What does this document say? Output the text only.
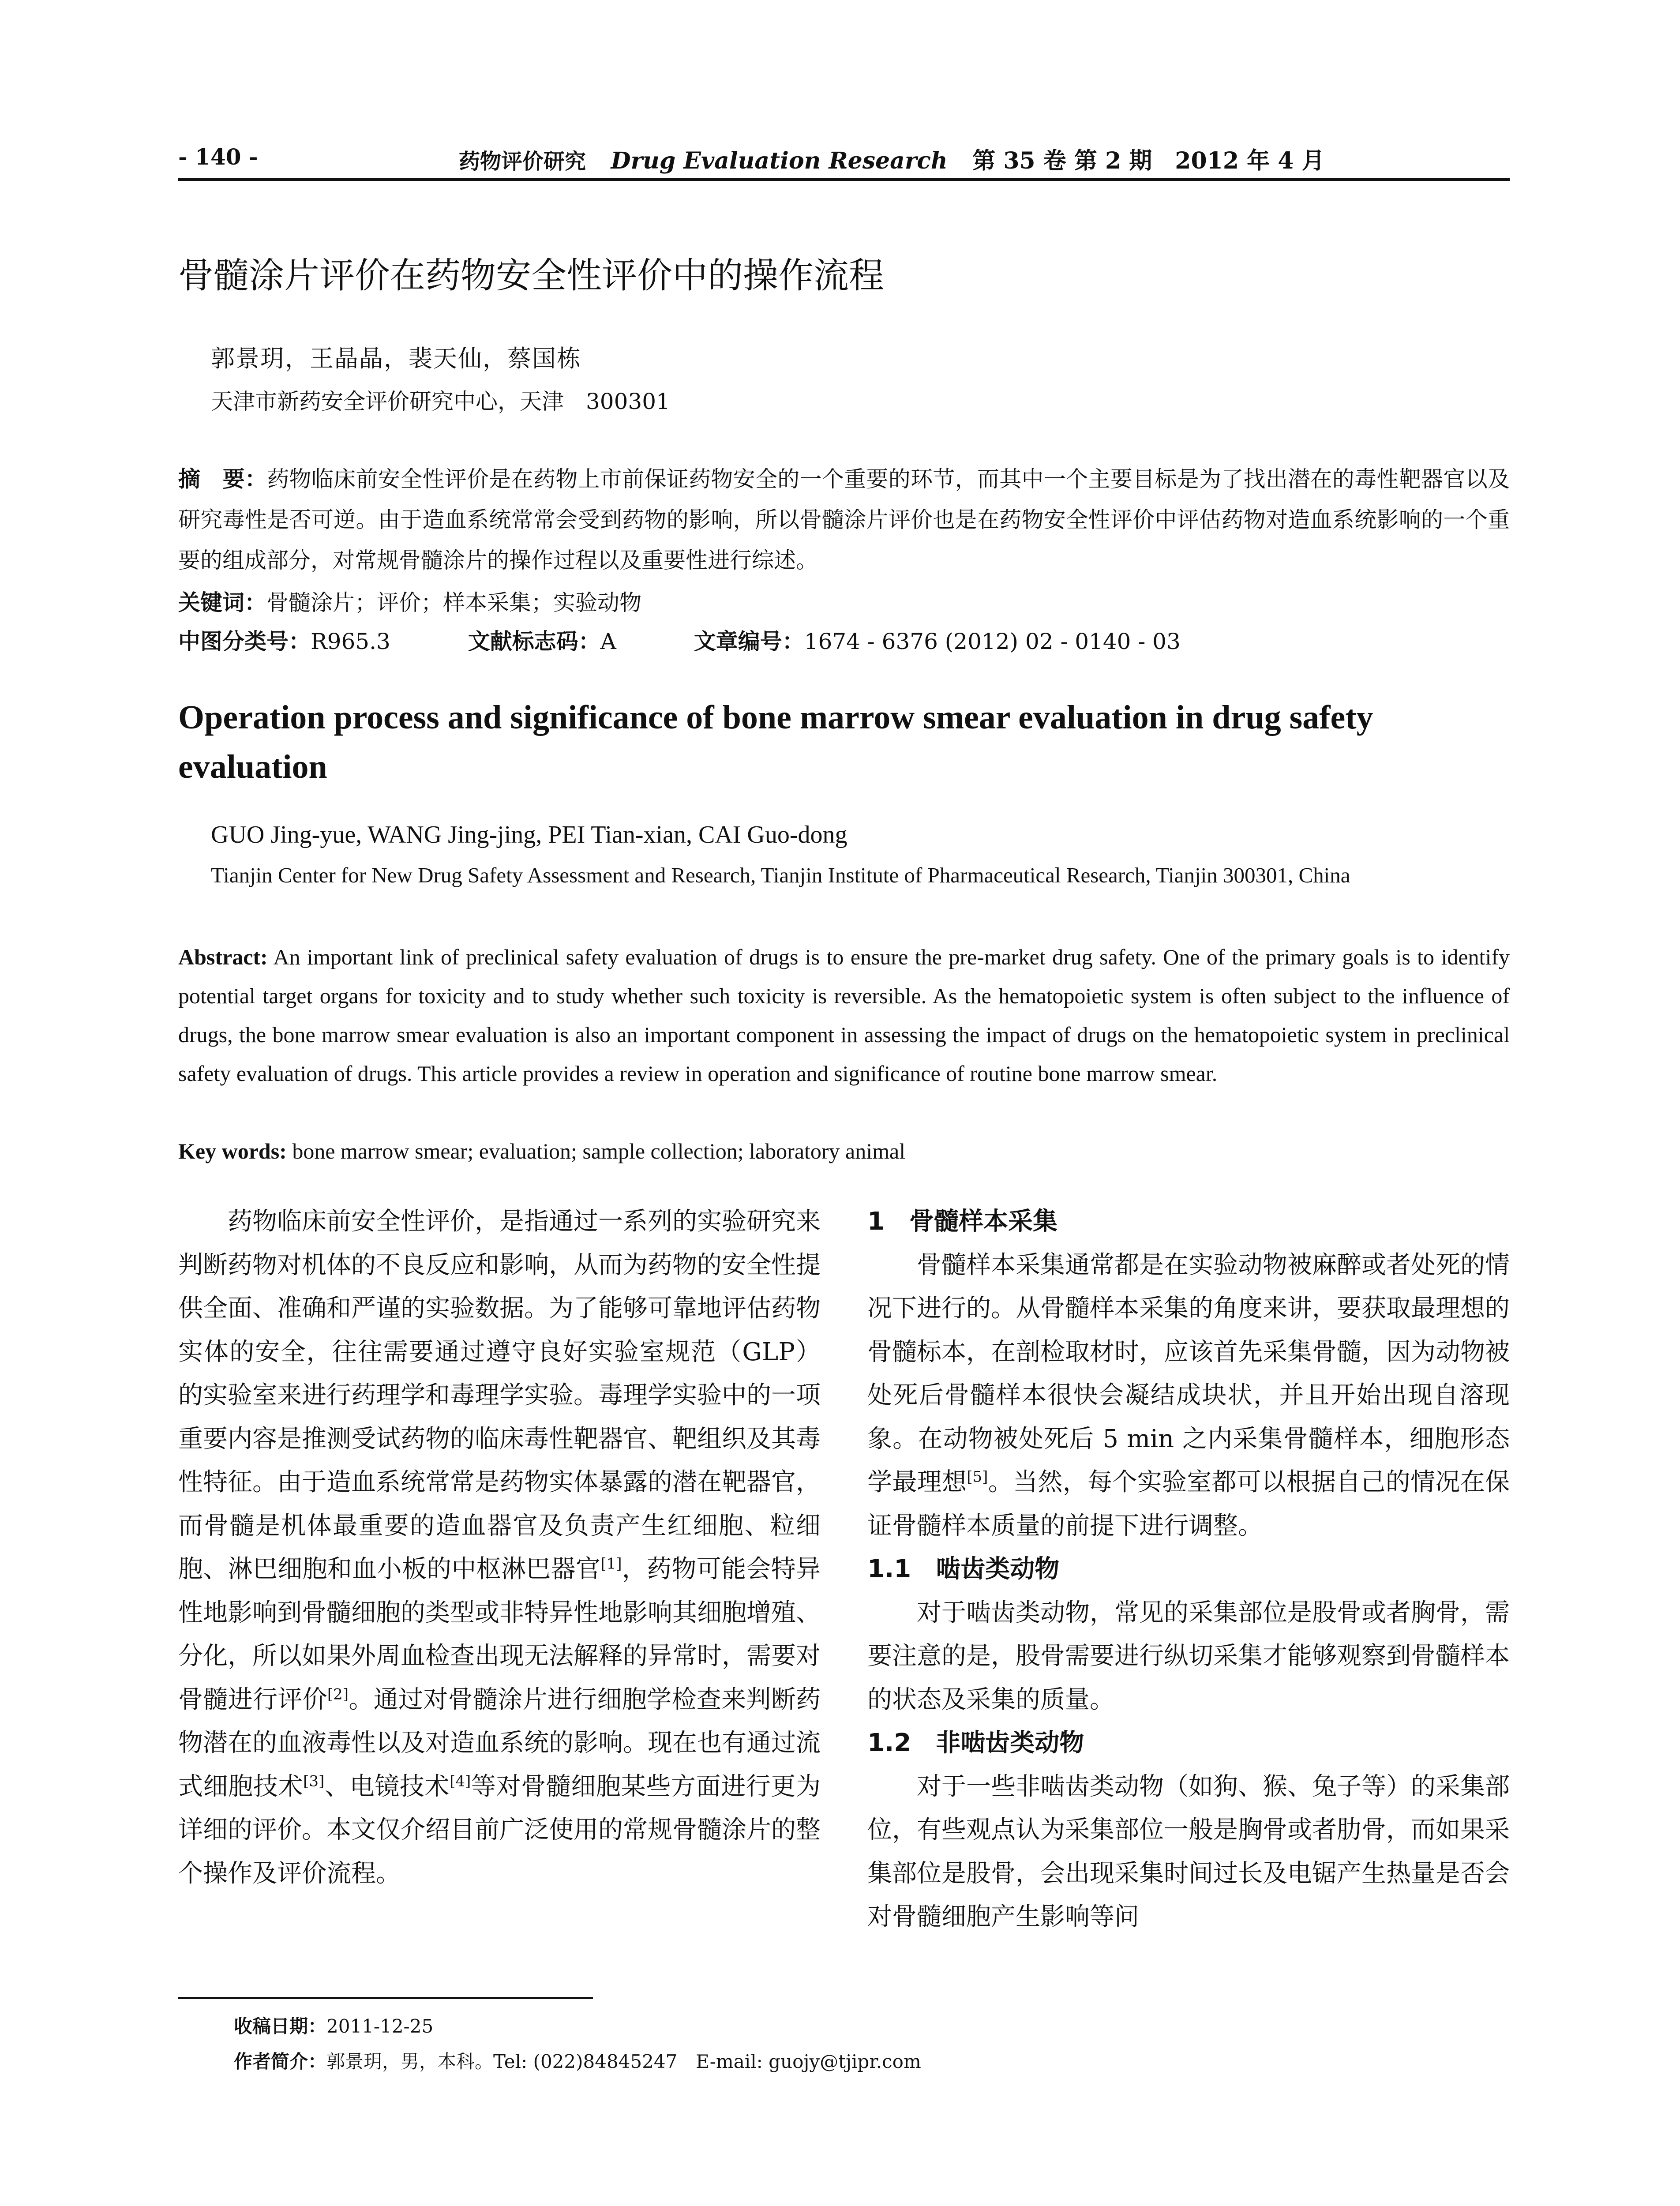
- 140 -	药物评价研究 Drug Evaluation Research 第 35 卷 第 2 期　2012 年 4 月
骨髓涂片评价在药物安全性评价中的操作流程
郭景玥，王晶晶，裴天仙，蔡国栋
天津市新药安全评价研究中心，天津　300301
摘　要：药物临床前安全性评价是在药物上市前保证药物安全的一个重要的环节，而其中一个主要目标是为了找出潜在的毒性靶器官以及研究毒性是否可逆。由于造血系统常常会受到药物的影响，所以骨髓涂片评价也是在药物安全性评价中评估药物对造血系统影响的一个重要的组成部分，对常规骨髓涂片的操作过程以及重要性进行综述。
关键词：骨髓涂片；评价；样本采集；实验动物
中图分类号：R965.3	文献标志码：A	文章编号：1674 - 6376 (2012) 02 - 0140 - 03
Operation process and significance of bone marrow smear evaluation in drug safety evaluation
GUO Jing-yue, WANG Jing-jing, PEI Tian-xian, CAI Guo-dong
Tianjin Center for New Drug Safety Assessment and Research, Tianjin Institute of Pharmaceutical Research, Tianjin 300301, China
Abstract: An important link of preclinical safety evaluation of drugs is to ensure the pre-market drug safety. One of the primary goals is to identify potential target organs for toxicity and to study whether such toxicity is reversible. As the hematopoietic system is often subject to the influence of drugs, the bone marrow smear evaluation is also an important component in assessing the impact of drugs on the hematopoietic system in preclinical safety evaluation of drugs. This article provides a review in operation and significance of routine bone marrow smear.
Key words: bone marrow smear; evaluation; sample collection; laboratory animal

药物临床前安全性评价，是指通过一系列的实验研究来判断药物对机体的不良反应和影响，从而为药物的安全性提供全面、准确和严谨的实验数据。为了能够可靠地评估药物实体的安全，往往需要通过遵守良好实验室规范（GLP）的实验室来进行药理学和毒理学实验。毒理学实验中的一项重要内容是推测受试药物的临床毒性靶器官、靶组织及其毒性特征。由于造血系统常常是药物实体暴露的潜在靶器官，而骨髓是机体最重要的造血器官及负责产生红细胞、粒细胞、淋巴细胞和血小板的中枢淋巴器官[1]，药物可能会特异性地影响到骨髓细胞的类型或非特异性地影响其细胞增殖、分化，所以如果外周血检查出现无法解释的异常时，需要对骨髓进行评价[2]。通过对骨髓涂片进行细胞学检查来判断药物潜在的血液毒性以及对造血系统的影响。现在也有通过流式细胞技术[3]、电镜技术[4]等对骨髓细胞某些方面进行更为详细的评价。本文仅介绍目前广泛使用的常规骨髓涂片的整个操作及评价流程。

1　骨髓样本采集

骨髓样本采集通常都是在实验动物被麻醉或者处死的情况下进行的。从骨髓样本采集的角度来讲，要获取最理想的骨髓标本，在剖检取材时，应该首先采集骨髓，因为动物被处死后骨髓样本很快会凝结成块状，并且开始出现自溶现象。在动物被处死后 5 min 之内采集骨髓样本，细胞形态学最理想[5]。当然，每个实验室都可以根据自己的情况在保证骨髓样本质量的前提下进行调整。

1.1　啮齿类动物

对于啮齿类动物，常见的采集部位是股骨或者胸骨，需要注意的是，股骨需要进行纵切采集才能够观察到骨髓样本的状态及采集的质量。

1.2　非啮齿类动物

对于一些非啮齿类动物（如狗、猴、兔子等）的采集部位，有些观点认为采集部位一般是胸骨或者肋骨，而如果采集部位是股骨，会出现采集时间过长及电锯产生热量是否会对骨髓细胞产生影响等问

收稿日期：2011-12-25
作者简介：郭景玥，男，本科。Tel: (022)84845247　E-mail: guojy@tjipr.com
